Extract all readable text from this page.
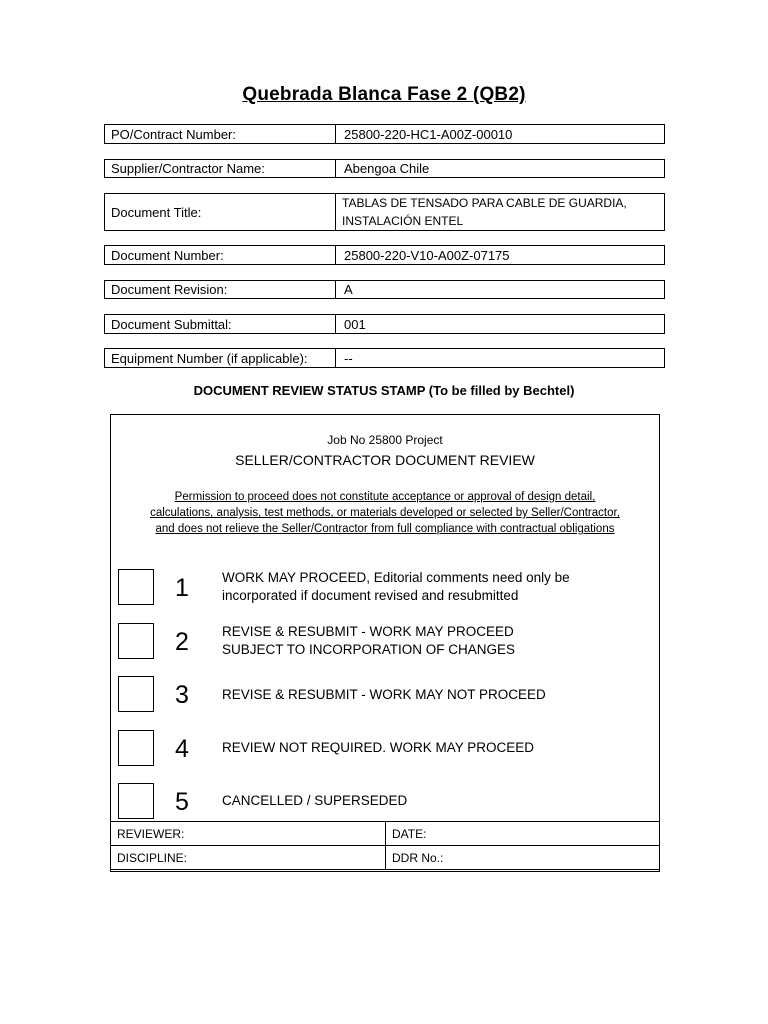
Quebrada Blanca Fase 2 (QB2)
PO/Contract Number:	25800-220-HC1-A00Z-00010
Supplier/Contractor Name:	Abengoa Chile
Document Title:
TABLAS DE TENSADO PARA CABLE DE GUARDIA,
INSTALACIÓN ENTEL
Document Number:	25800-220-V10-A00Z-07175
Document Revision:	A
Document Submittal:	001
Equipment Number (if applicable):	--
DOCUMENT REVIEW STATUS STAMP (To be filled by Bechtel)
Job No 25800 Project
SELLER/CONTRACTOR DOCUMENT REVIEW
Permission to proceed does not constitute acceptance or approval of design detail,
calculations, analysis, test methods, or materials developed or selected by Seller/Contractor,
and does not relieve the Seller/Contractor from full compliance with contractual obligations
1 WORK MAY PROCEED, Editorial comments need only be
incorporated if document revised and resubmitted
2 REVISE & RESUBMIT - WORK MAY PROCEED
SUBJECT TO INCORPORATION OF CHANGES
3 REVISE & RESUBMIT - WORK MAY NOT PROCEED
4 REVIEW NOT REQUIRED. WORK MAY PROCEED
5 CANCELLED / SUPERSEDED
REVIEWER:	DATE:
DISCIPLINE:	DDR No.:
